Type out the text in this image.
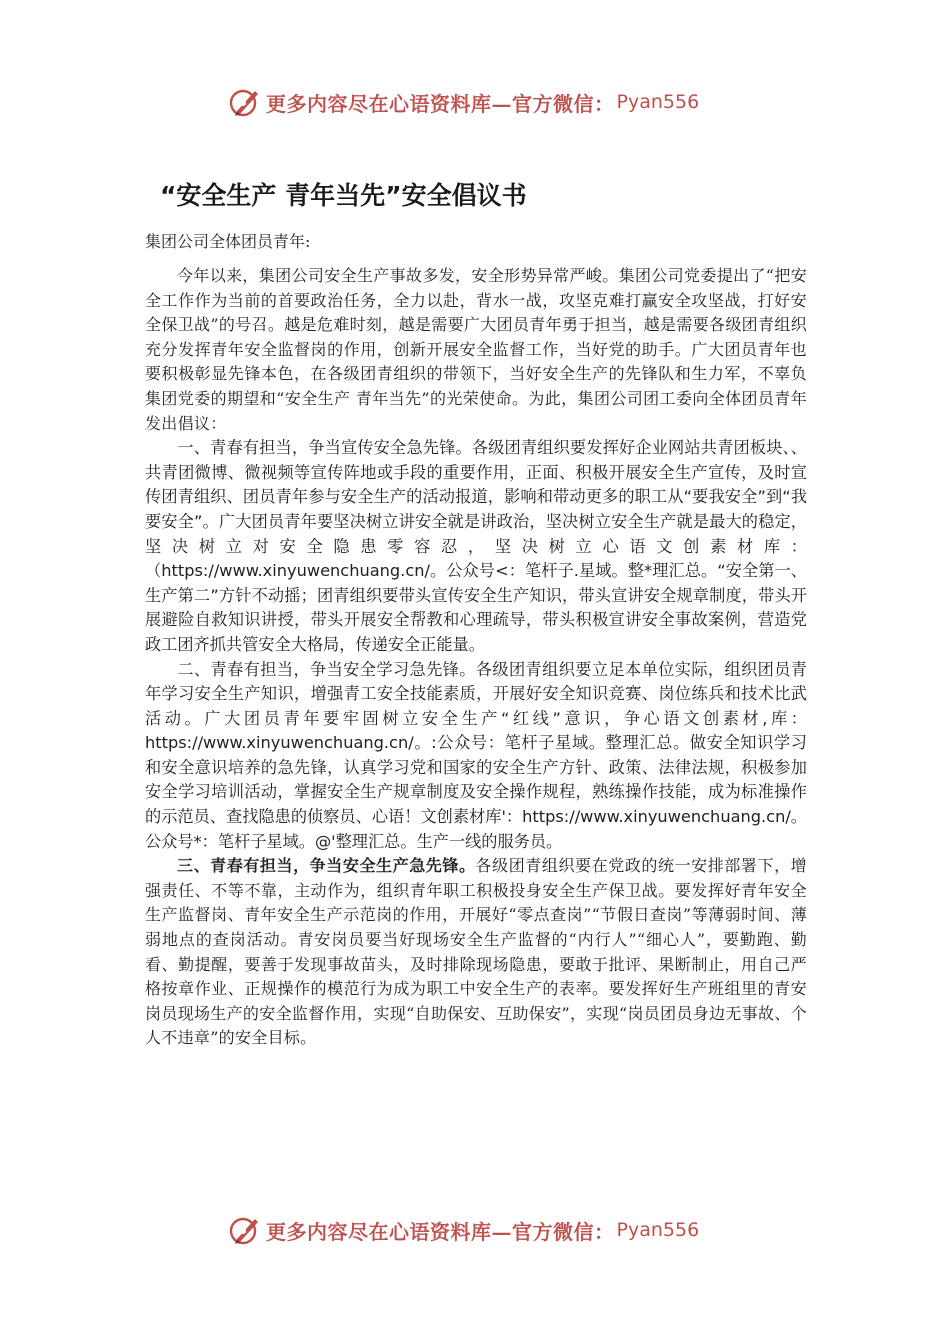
更多内容尽在心语资料库—官方微信： Pyan556
“安全生产 青年当先”安全倡议书

集团公司全体团员青年:

今年以来，集团公司安全生产事故多发，安全形势异常严峻。集团公司党委提出了“把安全工作作为当前的首要政治任务，全力以赴，背水一战，攻坚克难打赢安全攻坚战，打好安全保卫战”的号召。越是危难时刻，越是需要广大团员青年勇于担当，越是需要各级团青组织充分发挥青年安全监督岗的作用，创新开展安全监督工作，当好党的助手。广大团员青年也要积极彰显先锋本色，在各级团青组织的带领下，当好安全生产的先锋队和生力军，不辜负集团党委的期望和“安全生产 青年当先”的光荣使命。为此，集团公司团工委向全体团员青年发出倡议：

一、青春有担当，争当宣传安全急先锋。各级团青组织要发挥好企业网站共青团板块、、共青团微博、微视频等宣传阵地或手段的重要作用，正面、积极开展安全生产宣传，及时宣传团青组织、团员青年参与安全生产的活动报道，影响和带动更多的职工从“要我安全”到“我要安全”。广大团员青年要坚决树立讲安全就是讲政治，坚决树立安全生产就是最大的稳定，坚决树立对安全隐患零容忍，坚决树立心语文创素材库：（https://www.xinyuwenchuang.cn/。公众号<：笔杆子.星域。整*理汇总。“安全第一、生产第二”方针不动摇；团青组织要带头宣传安全生产知识，带头宣讲安全规章制度，带头开展避险自救知识讲授，带头开展安全帮教和心理疏导，带头积极宣讲安全事故案例，营造党政工团齐抓共管安全大格局，传递安全正能量。

二、青春有担当，争当安全学习急先锋。各级团青组织要立足本单位实际，组织团员青年学习安全生产知识，增强青工安全技能素质，开展好安全知识竞赛、岗位练兵和技术比武活动。广大团员青年要牢固树立安全生产“红线”意识，争心语文创素材,库：https://www.xinyuwenchuang.cn/。:公众号：笔杆子星域。整理汇总。做安全知识学习和安全意识培养的急先锋，认真学习党和国家的安全生产方针、政策、法律法规，积极参加安全学习培训活动，掌握安全生产规章制度及安全操作规程，熟练操作技能，成为标准操作的示范员、查找隐患的侦察员、心语！文创素材库'：https://www.xinyuwenchuang.cn/。公众号*：笔杆子星域。@'整理汇总。生产一线的服务员。

三、青春有担当，争当安全生产急先锋。各级团青组织要在党政的统一安排部署下，增强责任、不等不靠，主动作为，组织青年职工积极投身安全生产保卫战。要发挥好青年安全生产监督岗、青年安全生产示范岗的作用，开展好“零点查岗”“节假日查岗”等薄弱时间、薄弱地点的查岗活动。青安岗员要当好现场安全生产监督的“内行人”“细心人”，要勤跑、勤看、勤提醒，要善于发现事故苗头，及时排除现场隐患，要敢于批评、果断制止，用自己严格按章作业、正规操作的模范行为成为职工中安全生产的表率。要发挥好生产班组里的青安岗员现场生产的安全监督作用，实现“自助保安、互助保安”，实现“岗员团员身边无事故、个人不违章”的安全目标。

更多内容尽在心语资料库—官方微信： Pyan556
